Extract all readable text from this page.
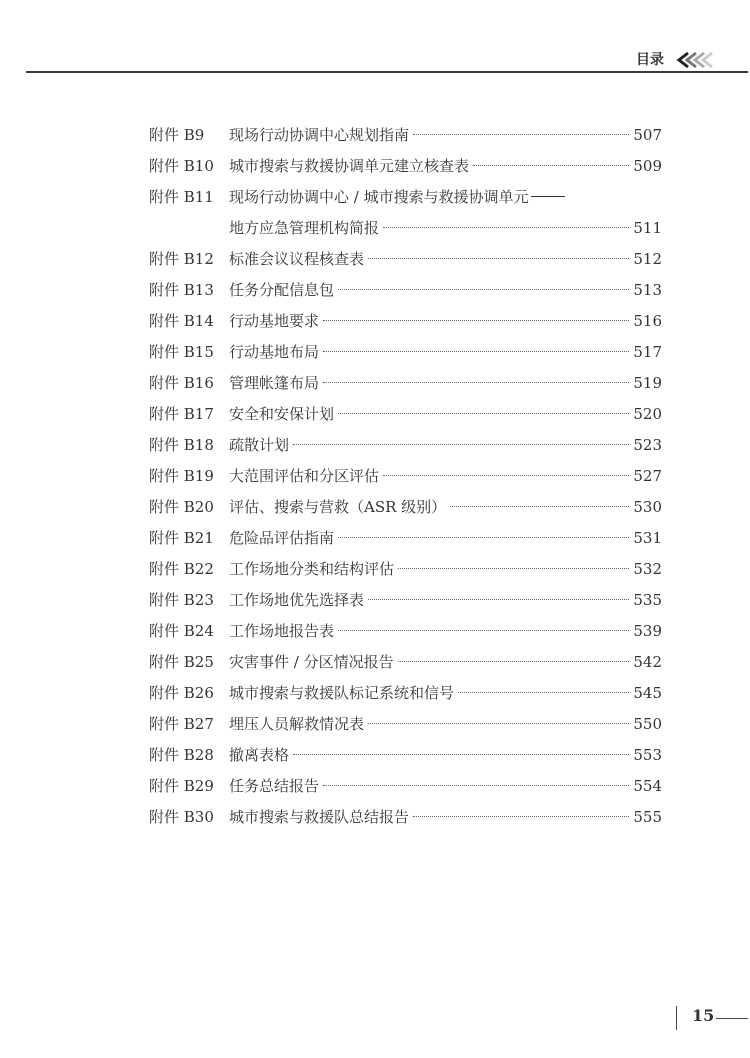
目录
附件 B9	现场行动协调中心规划指南	507
附件 B10	城市搜索与救援协调单元建立核查表	509
附件 B11	现场行动协调中心 / 城市搜索与救援协调单元
地方应急管理机构简报	511
附件 B12	标准会议议程核查表	512
附件 B13	任务分配信息包	513
附件 B14	行动基地要求	516
附件 B15	行动基地布局	517
附件 B16	管理帐篷布局	519
附件 B17	安全和安保计划	520
附件 B18	疏散计划	523
附件 B19	大范围评估和分区评估	527
附件 B20	评估、搜索与营救（ASR 级别）	530
附件 B21	危险品评估指南	531
附件 B22	工作场地分类和结构评估	532
附件 B23	工作场地优先选择表	535
附件 B24	工作场地报告表	539
附件 B25	灾害事件 / 分区情况报告	542
附件 B26	城市搜索与救援队标记系统和信号	545
附件 B27	埋压人员解救情况表	550
附件 B28	撤离表格	553
附件 B29	任务总结报告	554
附件 B30	城市搜索与救援队总结报告	555
15
